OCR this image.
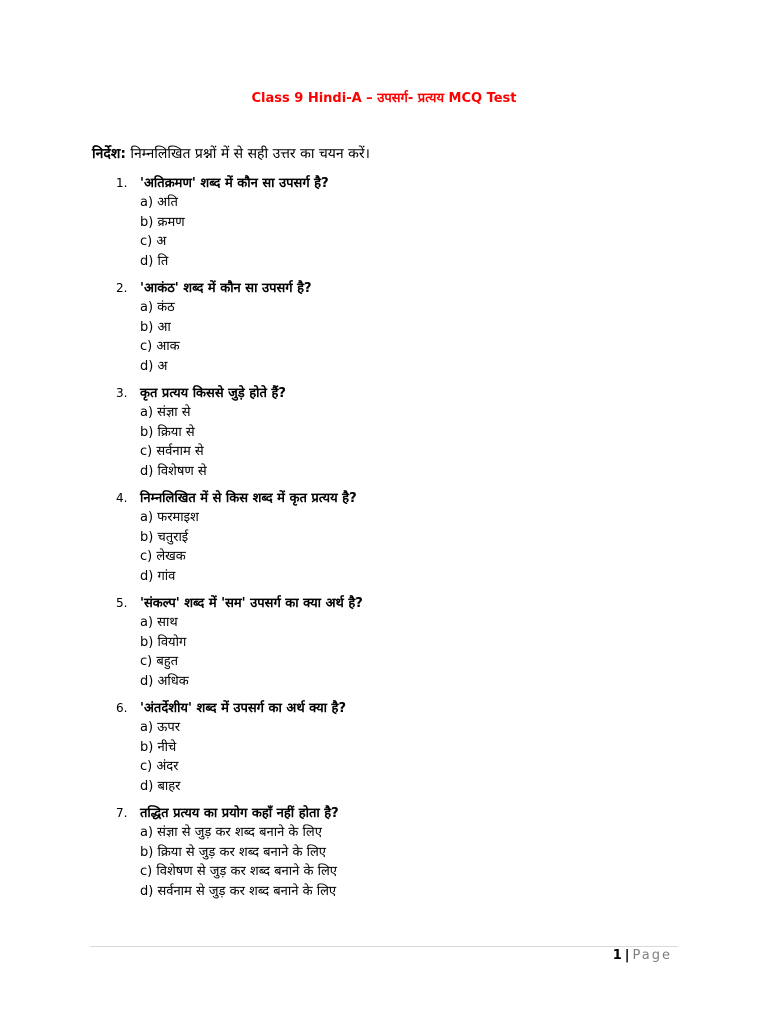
Class 9 Hindi-A – उपसर्ग- प्रत्यय MCQ Test
निर्देश: निम्नलिखित प्रश्नों में से सही उत्तर का चयन करें।
1. 'अतिक्रमण' शब्द में कौन सा उपसर्ग है?
a) अति
b) क्रमण
c) अ
d) ति
2. 'आकंठ' शब्द में कौन सा उपसर्ग है?
a) कंठ
b) आ
c) आक
d) अ
3. कृत प्रत्यय किससे जुड़े होते हैं?
a) संज्ञा से
b) क्रिया से
c) सर्वनाम से
d) विशेषण से
4. निम्नलिखित में से किस शब्द में कृत प्रत्यय है?
a) फरमाइश
b) चतुराई
c) लेखक
d) गांव
5. 'संकल्प' शब्द में 'सम' उपसर्ग का क्या अर्थ है?
a) साथ
b) वियोग
c) बहुत
d) अधिक
6. 'अंतर्देशीय' शब्द में उपसर्ग का अर्थ क्या है?
a) ऊपर
b) नीचे
c) अंदर
d) बाहर
7. तद्धित प्रत्यय का प्रयोग कहाँ नहीं होता है?
a) संज्ञा से जुड़ कर शब्द बनाने के लिए
b) क्रिया से जुड़ कर शब्द बनाने के लिए
c) विशेषण से जुड़ कर शब्द बनाने के लिए
d) सर्वनाम से जुड़ कर शब्द बनाने के लिए
1 | Page
